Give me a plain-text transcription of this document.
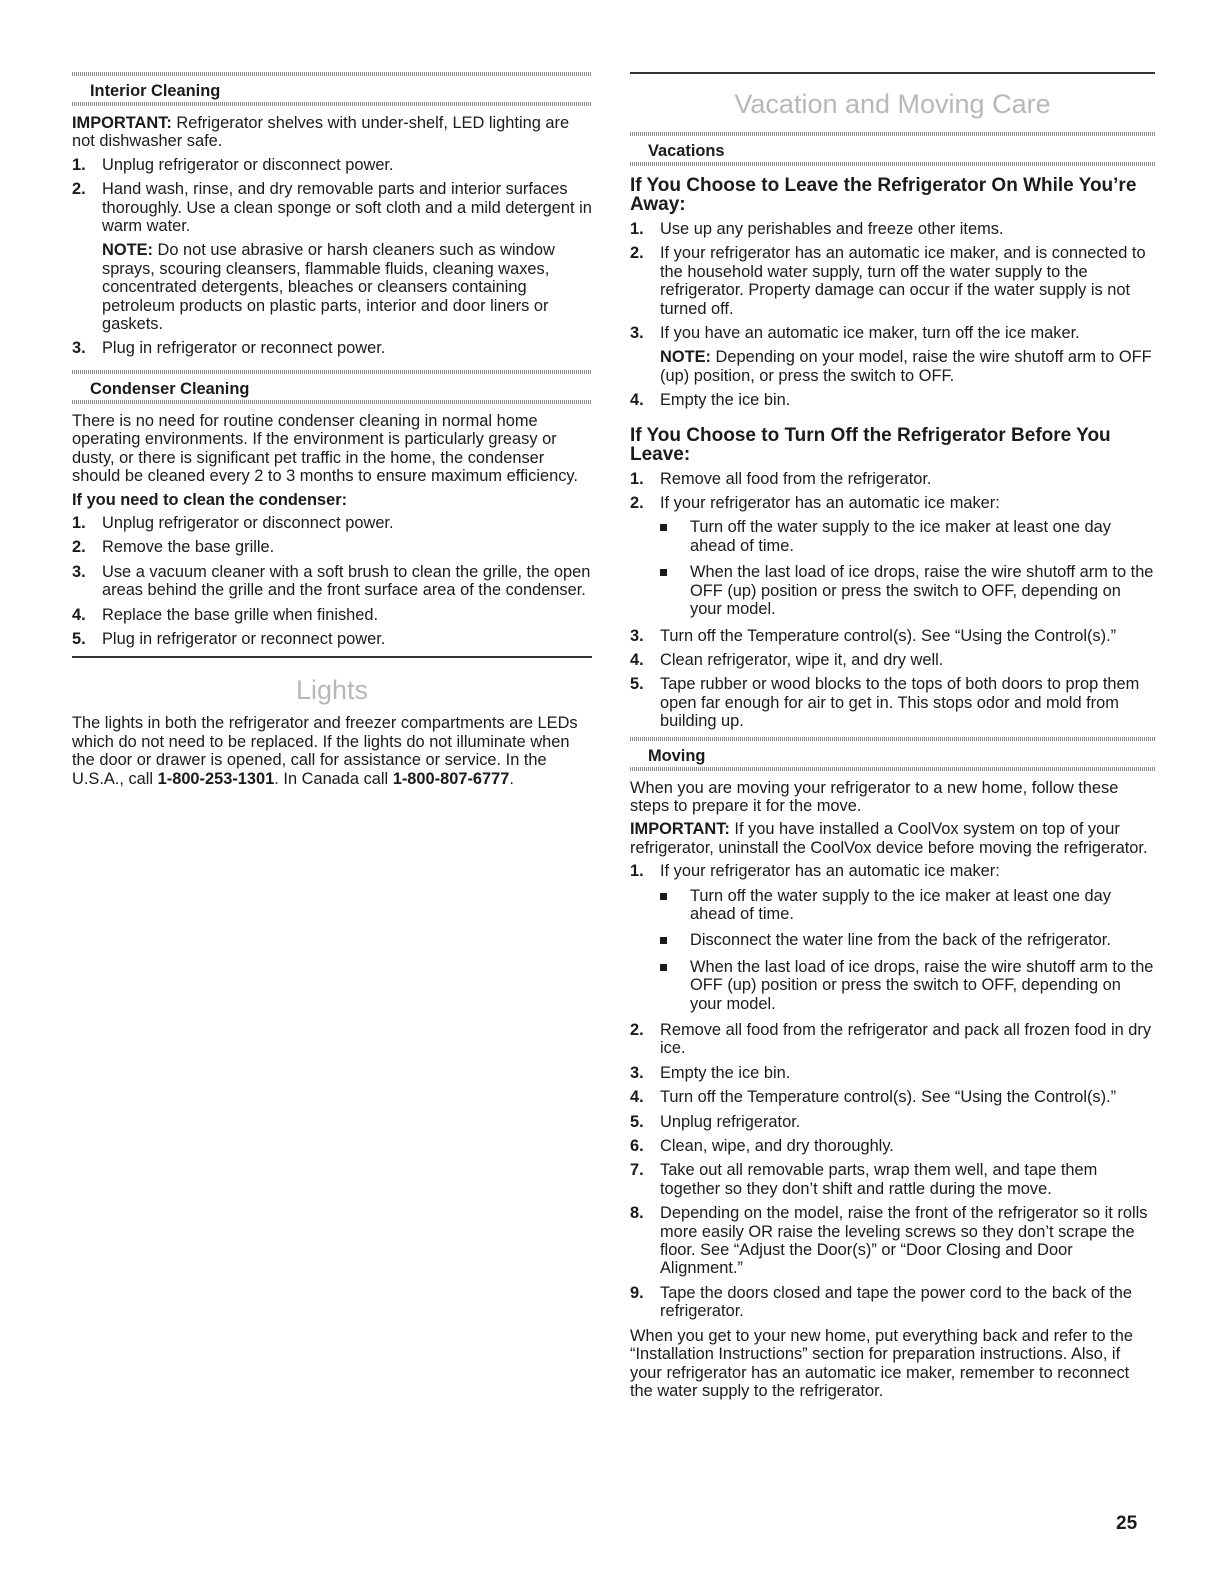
Interior Cleaning

IMPORTANT: Refrigerator shelves with under-shelf, LED lighting are not dishwasher safe.

1. Unplug refrigerator or disconnect power.
2. Hand wash, rinse, and dry removable parts and interior surfaces thoroughly. Use a clean sponge or soft cloth and a mild detergent in warm water.

NOTE: Do not use abrasive or harsh cleaners such as window sprays, scouring cleansers, flammable fluids, cleaning waxes, concentrated detergents, bleaches or cleansers containing petroleum products on plastic parts, interior and door liners or gaskets.

3. Plug in refrigerator or reconnect power.
Condenser Cleaning

There is no need for routine condenser cleaning in normal home operating environments. If the environment is particularly greasy or dusty, or there is significant pet traffic in the home, the condenser should be cleaned every 2 to 3 months to ensure maximum efficiency.

If you need to clean the condenser:

1. Unplug refrigerator or disconnect power.
2. Remove the base grille.
3. Use a vacuum cleaner with a soft brush to clean the grille, the open areas behind the grille and the front surface area of the condenser.
4. Replace the base grille when finished.
5. Plug in refrigerator or reconnect power.
Lights

The lights in both the refrigerator and freezer compartments are LEDs which do not need to be replaced. If the lights do not illuminate when the door or drawer is opened, call for assistance or service. In the U.S.A., call 1-800-253-1301. In Canada call 1-800-807-6777.

Vacation and Moving Care
Vacations
If You Choose to Leave the Refrigerator On While You’re Away:
1. Use up any perishables and freeze other items.
2. If your refrigerator has an automatic ice maker, and is connected to the household water supply, turn off the water supply to the refrigerator. Property damage can occur if the water supply is not turned off.
3. If you have an automatic ice maker, turn off the ice maker.

NOTE: Depending on your model, raise the wire shutoff arm to OFF (up) position, or press the switch to OFF.

4. Empty the ice bin.
If You Choose to Turn Off the Refrigerator Before You Leave:
1. Remove all food from the refrigerator.
2. If your refrigerator has an automatic ice maker:
Turn off the water supply to the ice maker at least one day ahead of time.
When the last load of ice drops, raise the wire shutoff arm to the OFF (up) position or press the switch to OFF, depending on your model.
3. Turn off the Temperature control(s). See “Using the Control(s).”
4. Clean refrigerator, wipe it, and dry well.
5. Tape rubber or wood blocks to the tops of both doors to prop them open far enough for air to get in. This stops odor and mold from building up.
Moving

When you are moving your refrigerator to a new home, follow these steps to prepare it for the move.

IMPORTANT: If you have installed a CoolVox system on top of your refrigerator, uninstall the CoolVox device before moving the refrigerator.

1. If your refrigerator has an automatic ice maker:
Turn off the water supply to the ice maker at least one day ahead of time.
Disconnect the water line from the back of the refrigerator.
When the last load of ice drops, raise the wire shutoff arm to the OFF (up) position or press the switch to OFF, depending on your model.
2. Remove all food from the refrigerator and pack all frozen food in dry ice.
3. Empty the ice bin.
4. Turn off the Temperature control(s). See “Using the Control(s).”
5. Unplug refrigerator.
6. Clean, wipe, and dry thoroughly.
7. Take out all removable parts, wrap them well, and tape them together so they don’t shift and rattle during the move.
8. Depending on the model, raise the front of the refrigerator so it rolls more easily OR raise the leveling screws so they don’t scrape the floor. See “Adjust the Door(s)” or “Door Closing and Door Alignment.”
9. Tape the doors closed and tape the power cord to the back of the refrigerator.

When you get to your new home, put everything back and refer to the “Installation Instructions” section for preparation instructions. Also, if your refrigerator has an automatic ice maker, remember to reconnect the water supply to the refrigerator.

25
